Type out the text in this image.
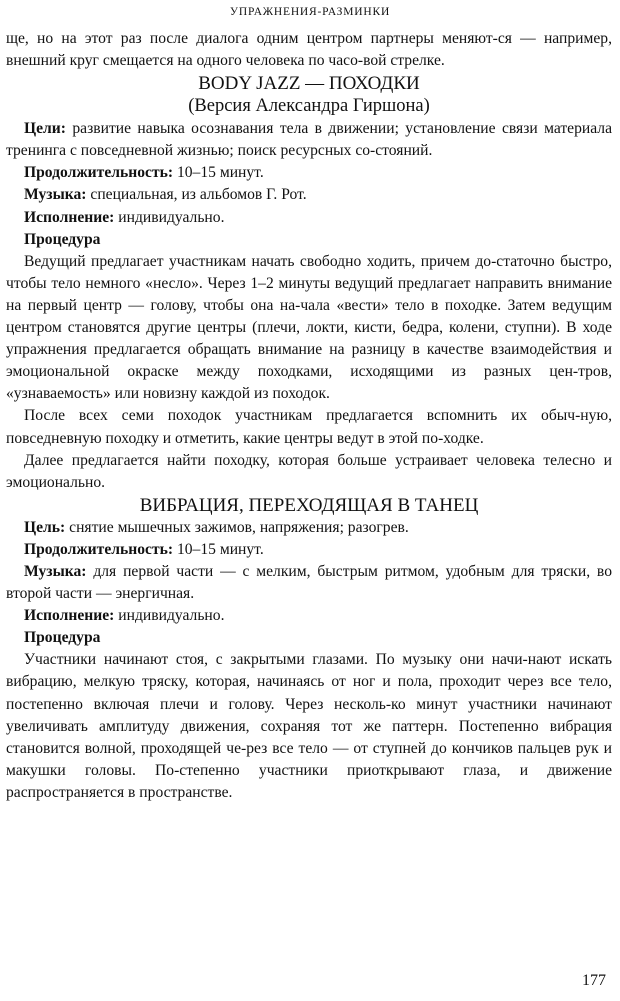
УПРАЖНЕНИЯ-РАЗМИНКИ

ще, но на этот раз после диалога одним центром партнеры меняют-ся — например, внешний круг смещается на одного человека по часо-вой стрелке.

BODY JAZZ — ПОХОДКИ

(Версия Александра Гиршона)

Цели: развитие навыка осознавания тела в движении; установление связи материала тренинга с повседневной жизнью; поиск ресурсных со-стояний.

Продолжительность: 10–15 минут.

Музыка: специальная, из альбомов Г. Рот.

Исполнение: индивидуально.

Процедура

Ведущий предлагает участникам начать свободно ходить, причем до-статочно быстро, чтобы тело немного «несло». Через 1–2 минуты ведущий предлагает направить внимание на первый центр — голову, чтобы она на-чала «вести» тело в походке. Затем ведущим центром становятся другие центры (плечи, локти, кисти, бедра, колени, ступни). В ходе упражнения предлагается обращать внимание на разницу в качестве взаимодействия и эмоциональной окраске между походками, исходящими из разных цен-тров, «узнаваемость» или новизну каждой из походок.

После всех семи походок участникам предлагается вспомнить их обыч-ную, повседневную походку и отметить, какие центры ведут в этой по-ходке.

Далее предлагается найти походку, которая больше устраивает человека телесно и эмоционально.

ВИБРАЦИЯ, ПЕРЕХОДЯЩАЯ В ТАНЕЦ

Цель: снятие мышечных зажимов, напряжения; разогрев.

Продолжительность: 10–15 минут.

Музыка: для первой части — с мелким, быстрым ритмом, удобным для тряски, во второй части — энергичная.

Исполнение: индивидуально.

Процедура

Участники начинают стоя, с закрытыми глазами. По музыку они начи-нают искать вибрацию, мелкую тряску, которая, начинаясь от ног и пола, проходит через все тело, постепенно включая плечи и голову. Через несколь-ко минут участники начинают увеличивать амплитуду движения, сохраняя тот же паттерн. Постепенно вибрация становится волной, проходящей че-рез все тело — от ступней до кончиков пальцев рук и макушки головы. По-степенно участники приоткрывают глаза, и движение распространяется в пространстве.

177
